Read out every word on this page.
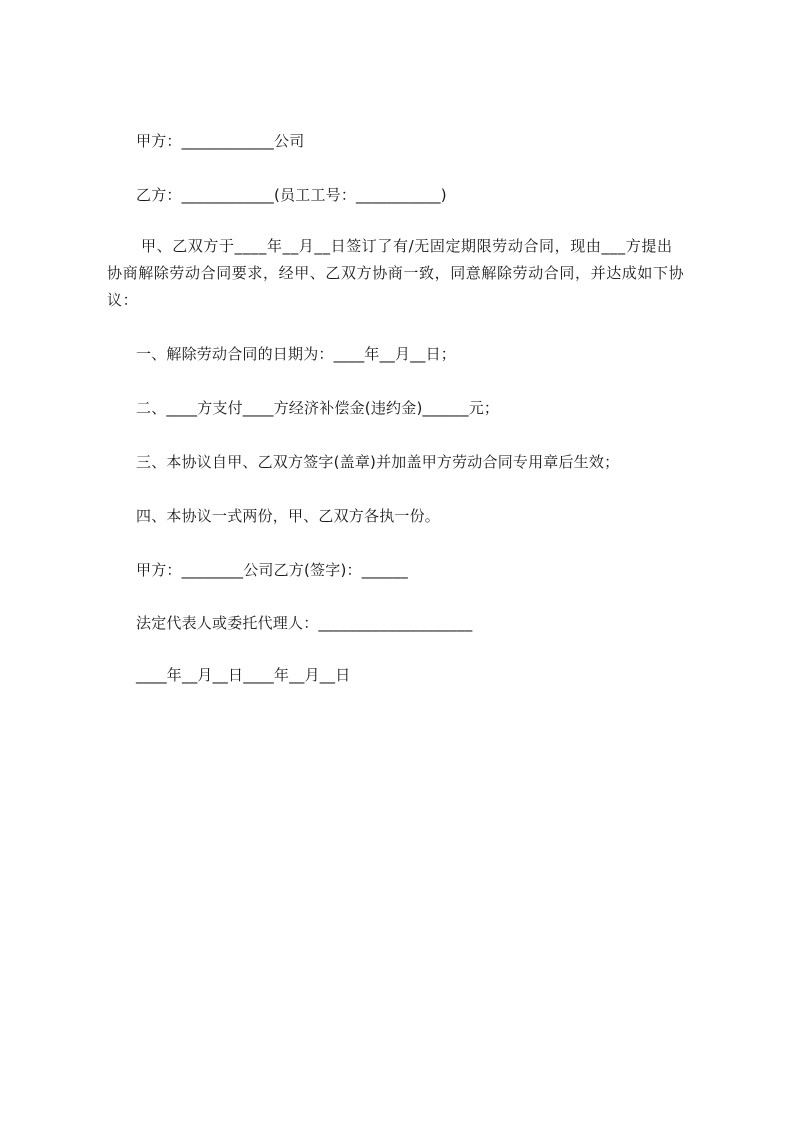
甲方：____________公司
乙方：____________(员工工号：___________)
甲、乙双方于____年__月__日签订了有/无固定期限劳动合同，现由___方提出
协商解除劳动合同要求，经甲、乙双方协商一致，同意解除劳动合同，并达成如下协
议：
一、解除劳动合同的日期为：____年__月__日；
二、____方支付____方经济补偿金(违约金)______元；
三、本协议自甲、乙双方签字(盖章)并加盖甲方劳动合同专用章后生效；
四、本协议一式两份，甲、乙双方各执一份。
甲方：________公司乙方(签字)：______
法定代表人或委托代理人：____________________
____年__月__日____年__月__日
